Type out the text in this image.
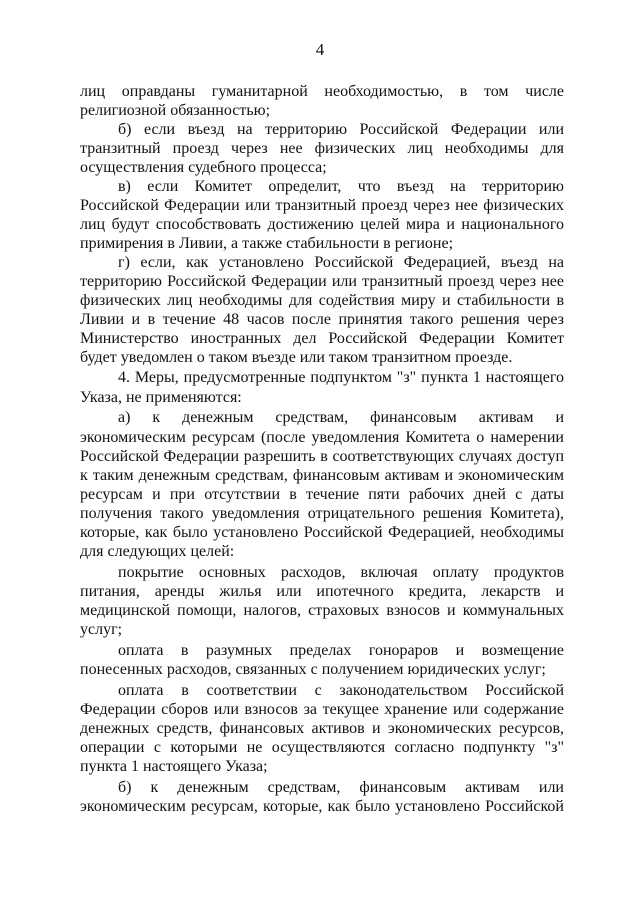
4
лиц оправданы гуманитарной необходимостью, в том числе
религиозной обязанностью;
б) если въезд на территорию Российской Федерации или
транзитный проезд через нее физических лиц необходимы для
осуществления судебного процесса;
в) если Комитет определит, что въезд на территорию
Российской Федерации или транзитный проезд через нее физических
лиц будут способствовать достижению целей мира и национального
примирения в Ливии, а также стабильности в регионе;
г) если, как установлено Российской Федерацией, въезд на
территорию Российской Федерации или транзитный проезд через нее
физических лиц необходимы для содействия миру и стабильности в
Ливии и в течение 48 часов после принятия такого решения через
Министерство иностранных дел Российской Федерации Комитет
будет уведомлен о таком въезде или таком транзитном проезде.
4. Меры, предусмотренные подпунктом "з" пункта 1 настоящего
Указа, не применяются:
а) к денежным средствам, финансовым активам и
экономическим ресурсам (после уведомления Комитета о намерении
Российской Федерации разрешить в соответствующих случаях доступ
к таким денежным средствам, финансовым активам и экономическим
ресурсам и при отсутствии в течение пяти рабочих дней с даты
получения такого уведомления отрицательного решения Комитета),
которые, как было установлено Российской Федерацией, необходимы
для следующих целей:
покрытие основных расходов, включая оплату продуктов
питания, аренды жилья или ипотечного кредита, лекарств и
медицинской помощи, налогов, страховых взносов и коммунальных
услуг;
оплата в разумных пределах гонораров и возмещение
понесенных расходов, связанных с получением юридических услуг;
оплата в соответствии с законодательством Российской
Федерации сборов или взносов за текущее хранение или содержание
денежных средств, финансовых активов и экономических ресурсов,
операции с которыми не осуществляются согласно подпункту "з"
пункта 1 настоящего Указа;
б) к денежным средствам, финансовым активам или
экономическим ресурсам, которые, как было установлено Российской
